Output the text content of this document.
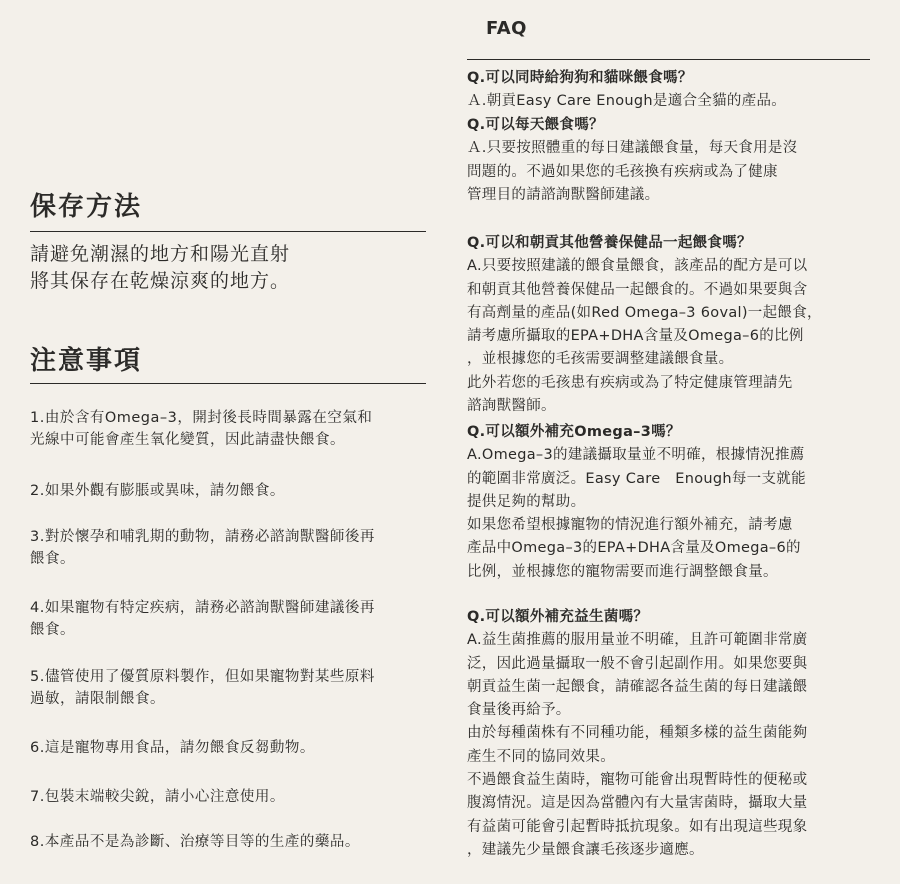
保存方法

請避免潮濕的地方和陽光直射
將其保存在乾燥涼爽的地方。

注意事項

1.由於含有Omega–3，開封後長時間暴露在空氣和
光線中可能會產生氧化變質，因此請盡快餵食。

2.如果外觀有膨脹或異味，請勿餵食。

3.對於懷孕和哺乳期的動物，請務必諮詢獸醫師後再
餵食。

4.如果寵物有特定疾病，請務必諮詢獸醫師建議後再
餵食。

5.儘管使用了優質原料製作，但如果寵物對某些原料
過敏，請限制餵食。

6.這是寵物專用食品，請勿餵食反芻動物。

7.包裝末端較尖銳，請小心注意使用。

8.本產品不是為診斷、治療等目等的生產的藥品。

FAQ

Q.可以同時給狗狗和貓咪餵食嗎？

Ａ.朝貢Easy Care Enough是適合全貓的產品。

Q.可以每天餵食嗎？

Ａ.只要按照體重的每日建議餵食量，每天食用是沒
問題的。不過如果您的毛孩換有疾病或為了健康
管理目的請諮詢獸醫師建議。

Q.可以和朝貢其他營養保健品一起餵食嗎？

A.只要按照建議的餵食量餵食，該產品的配方是可以
和朝貢其他營養保健品一起餵食的。不過如果要與含
有高劑量的產品(如Red Omega–3 6oval)一起餵食，
請考慮所攝取的EPA+DHA含量及Omega–6的比例
，並根據您的毛孩需要調整建議餵食量。
此外若您的毛孩患有疾病或為了特定健康管理請先
諮詢獸醫師。

Q.可以額外補充Omega–3嗎？

A.Omega–3的建議攝取量並不明確，根據情況推薦
的範圍非常廣泛。Easy Care　Enough每一支就能
提供足夠的幫助。
如果您希望根據寵物的情況進行額外補充，請考慮
產品中Omega–3的EPA+DHA含量及Omega–6的
比例，並根據您的寵物需要而進行調整餵食量。

Q.可以額外補充益生菌嗎？

A.益生菌推薦的服用量並不明確，且許可範圍非常廣
泛，因此過量攝取一般不會引起副作用。如果您要與
朝貢益生菌一起餵食，請確認各益生菌的每日建議餵
食量後再給予。
由於每種菌株有不同種功能，種類多樣的益生菌能夠
產生不同的協同效果。
不過餵食益生菌時，寵物可能會出現暫時性的便秘或
腹瀉情況。這是因為當體內有大量害菌時，攝取大量
有益菌可能會引起暫時抵抗現象。如有出現這些現象
，建議先少量餵食讓毛孩逐步適應。
